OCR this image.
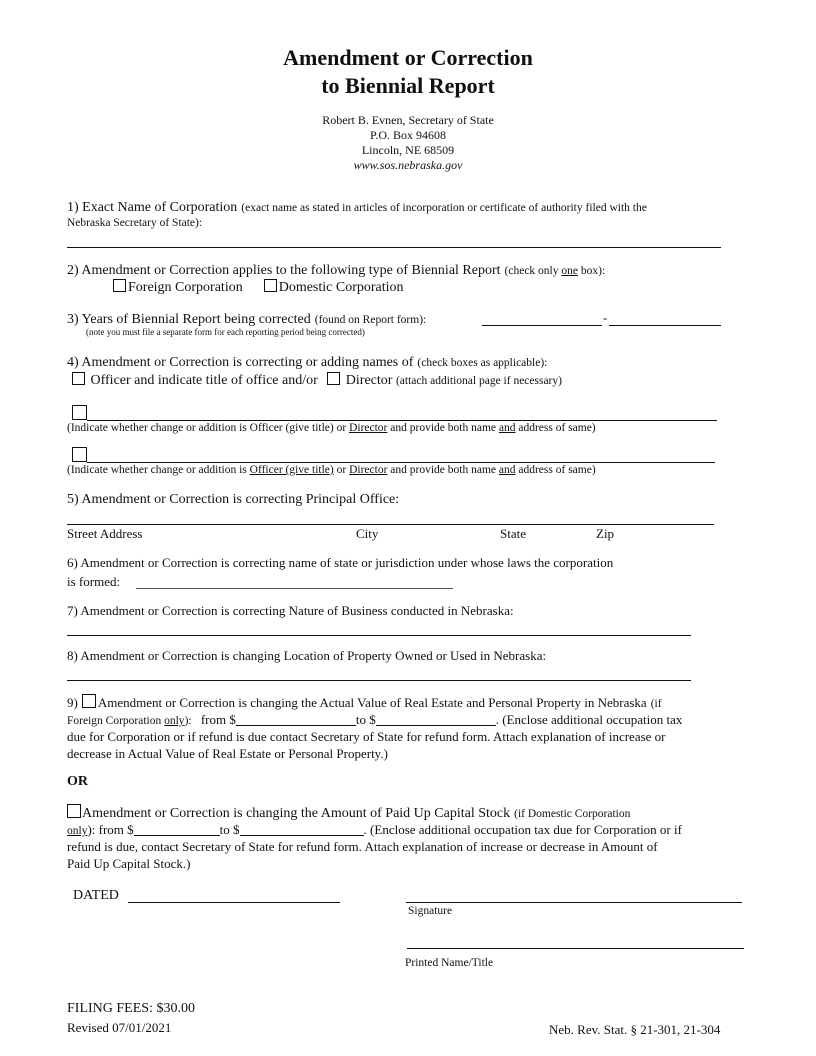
Amendment or Correction
to Biennial Report
Robert B. Evnen, Secretary of State
P.O. Box 94608
Lincoln, NE 68509
www.sos.nebraska.gov
1) Exact Name of Corporation (exact name as stated in articles of incorporation or certificate of authority filed with the
Nebraska Secretary of State):
2) Amendment or Correction applies to the following type of Biennial Report (check only one box):
Foreign Corporation	Domestic Corporation
3) Years of Biennial Report being corrected (found on Report form):	-
(note you must file a separate form for each reporting period being corrected)
4) Amendment or Correction is correcting or adding names of (check boxes as applicable):
Officer and indicate title of office and/or Director (attach additional page if necessary)
(Indicate whether change or addition is Officer (give title) or Director and provide both name and address of same)
(Indicate whether change or addition is Officer (give title) or Director and provide both name and address of same)
5) Amendment or Correction is correcting Principal Office:
Street Address	City	State	Zip
6) Amendment or Correction is correcting name of state or jurisdiction under whose laws the corporation
is formed:
7) Amendment or Correction is correcting Nature of Business conducted in Nebraska:
8) Amendment or Correction is changing Location of Property Owned or Used in Nebraska:
9) Amendment or Correction is changing the Actual Value of Real Estate and Personal Property in Nebraska (if
Foreign Corporation only): from $	to $	. (Enclose additional occupation tax
due for Corporation or if refund is due contact Secretary of State for refund form. Attach explanation of increase or
decrease in Actual Value of Real Estate or Personal Property.)
OR
Amendment or Correction is changing the Amount of Paid Up Capital Stock (if Domestic Corporation
only): from $	to $	. (Enclose additional occupation tax due for Corporation or if
refund is due, contact Secretary of State for refund form. Attach explanation of increase or decrease in Amount of
Paid Up Capital Stock.)
DATED
Signature
Printed Name/Title
FILING FEES: $30.00
Revised 07/01/2021	Neb. Rev. Stat. § 21-301, 21-304
